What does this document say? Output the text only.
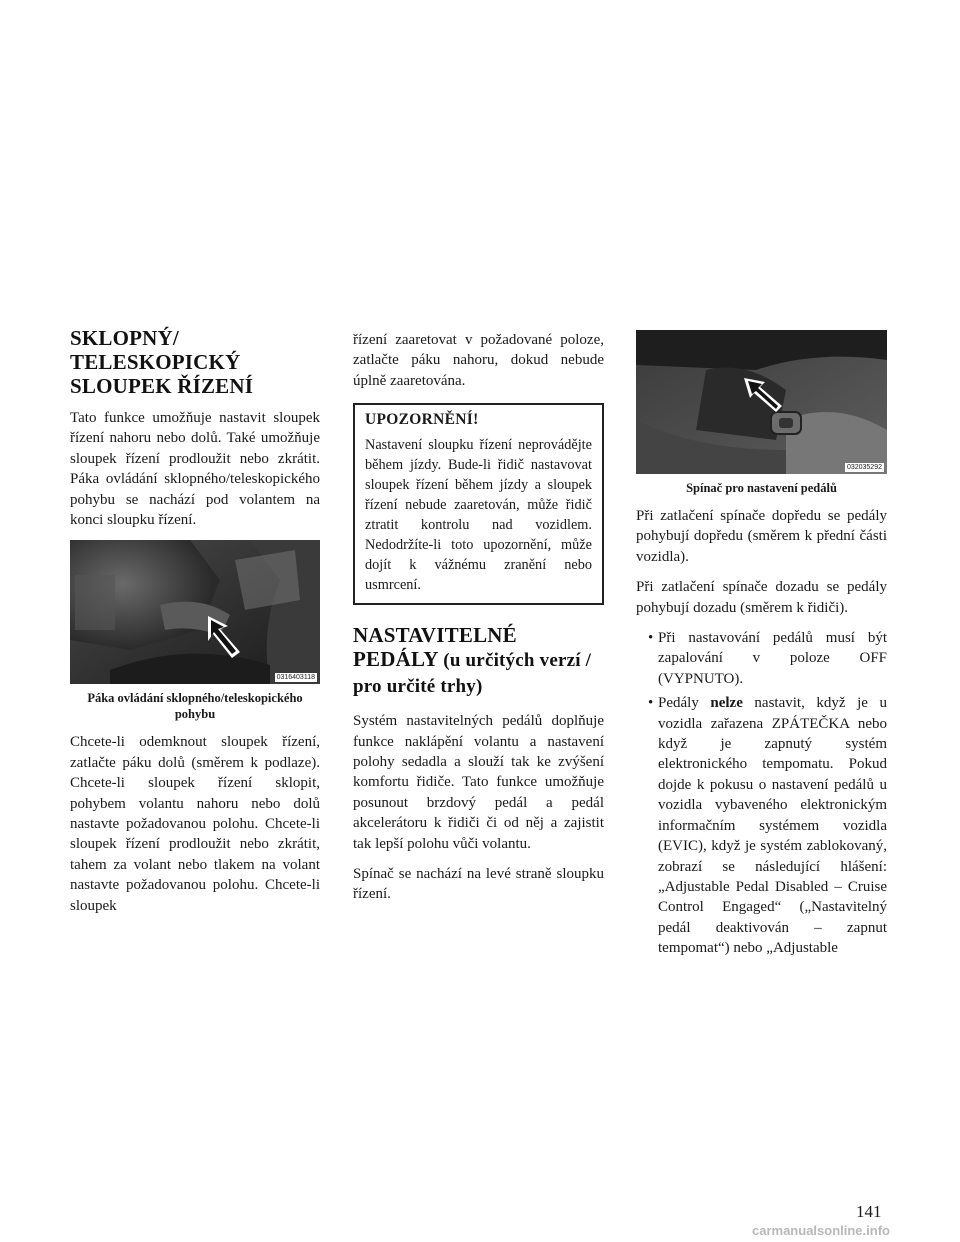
SKLOPNÝ/
TELESKOPICKÝ
SLOUPEK ŘÍZENÍ

Tato funkce umožňuje nastavit sloupek řízení nahoru nebo dolů. Také umožňuje sloupek řízení prodloužit nebo zkrátit. Páka ovládání sklopného/teleskopického pohybu se nachází pod volantem na konci sloupku řízení.

0316403118
Páka ovládání sklopného/teleskopického pohybu

Chcete-li odemknout sloupek řízení, zatlačte páku dolů (směrem k podlaze). Chcete-li sloupek řízení sklopit, pohybem volantu nahoru nebo dolů nastavte požadovanou polohu. Chcete-li sloupek řízení prodloužit nebo zkrátit, tahem za volant nebo tlakem na volant nastavte požadovanou polohu. Chcete-li sloupek

řízení zaaretovat v požadované poloze, zatlačte páku nahoru, dokud nebude úplně zaaretována.

UPOZORNĚNÍ!

Nastavení sloupku řízení neprovádějte během jízdy. Bude-li řidič nastavovat sloupek řízení během jízdy a sloupek řízení nebude zaaretován, může řidič ztratit kontrolu nad vozidlem. Nedodržíte-li toto upozornění, může dojít k vážnému zranění nebo usmrcení.

NASTAVITELNÉ PEDÁLY (u určitých verzí / pro určité trhy)

Systém nastavitelných pedálů doplňuje funkce naklápění volantu a nastavení polohy sedadla a slouží tak ke zvýšení komfortu řidiče. Tato funkce umožňuje posunout brzdový pedál a pedál akcelerátoru k řidiči či od něj a zajistit tak lepší polohu vůči volantu.

Spínač se nachází na levé straně sloupku řízení.

032035292
Spínač pro nastavení pedálů

Při zatlačení spínače dopředu se pedály pohybují dopředu (směrem k přední části vozidla).

Při zatlačení spínače dozadu se pedály pohybují dozadu (směrem k řidiči).

• Při nastavování pedálů musí být zapalování v poloze OFF (VYPNUTO).
• Pedály nelze nastavit, když je u vozidla zařazena ZPÁTEČKA nebo když je zapnutý systém elektronického tempomatu. Pokud dojde k pokusu o nastavení pedálů u vozidla vybaveného elektronickým informačním systémem vozidla (EVIC), když je systém zablokovaný, zobrazí se následující hlášení: „Adjustable Pedal Disabled – Cruise Control Engaged“ („Nastavitelný pedál deaktivován – zapnut tempomat“) nebo „Adjustable
141
carmanualsonline.info
